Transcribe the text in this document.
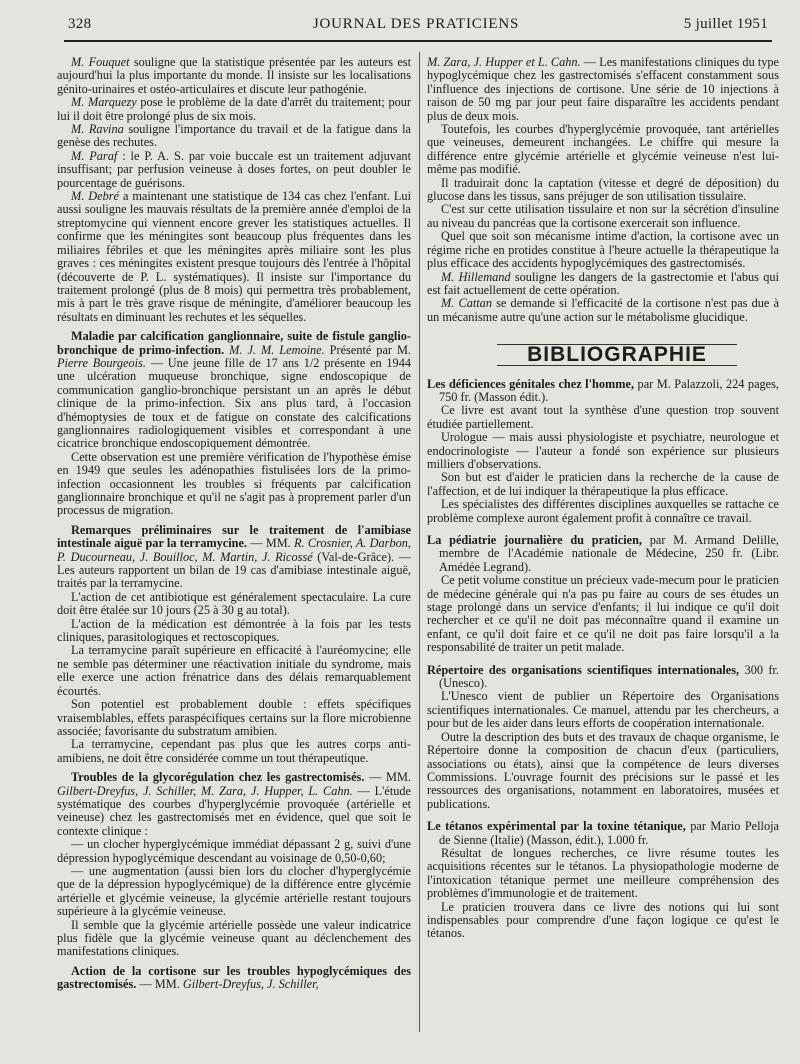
328	JOURNAL DES PRATICIENS	5 juillet 1951

M. Fouquet souligne que la statistique présentée par les auteurs est aujourd'hui la plus importante du monde. Il insiste sur les localisations génito-urinaires et ostéo-articulaires et discute leur pathogénie.

M. Marquezy pose le problème de la date d'arrêt du traitement; pour lui il doit être prolongé plus de six mois.

M. Ravina souligne l'importance du travail et de la fatigue dans la genèse des rechutes.

M. Paraf : le P. A. S. par voie buccale est un traitement adjuvant insuffisant; par perfusion veineuse à doses fortes, on peut doubler le pourcentage de guérisons.

M. Debré a maintenant une statistique de 134 cas chez l'enfant. Lui aussi souligne les mauvais résultats de la première année d'emploi de la streptomycine qui viennent encore grever les statistiques actuelles. Il confirme que les méningites sont beaucoup plus fréquentes dans les miliaires fébriles et que les méningites après miliaire sont les plus graves : ces méningites existent presque toujours dès l'entrée à l'hôpital (découverte de P. L. systématiques). Il insiste sur l'importance du traitement prolongé (plus de 8 mois) qui permettra très probablement, mis à part le très grave risque de méningite, d'améliorer beaucoup les résultats en diminuant les rechutes et les séquelles.

Maladie par calcification ganglionnaire, suite de fistule ganglio-bronchique de primo-infection. M. J. M. Lemoine. Présenté par M. Pierre Bourgeois. — Une jeune fille de 17 ans 1/2 présente en 1944 une ulcération muqueuse bronchique, signe endoscopique de communication ganglio-bronchique persistant un an après le début clinique de la primo-infection. Six ans plus tard, à l'occasion d'hémoptysies de toux et de fatigue on constate des calcifications ganglionnaires radiologiquement visibles et correspondant à une cicatrice bronchique endoscopiquement démontrée.

Cette observation est une première vérification de l'hypothèse émise en 1949 que seules les adénopathies fistulisées lors de la primo-infection occasionnent les troubles si fréquents par calcification ganglionnaire bronchique et qu'il ne s'agit pas à proprement parler d'un processus de migration.

Remarques préliminaires sur le traitement de l'amibiase intestinale aiguë par la terramycine. — MM. R. Crosnier, A. Darbon, P. Ducourneau, J. Bouilloc, M. Martin, J. Ricossé (Val-de-Grâce). — Les auteurs rapportent un bilan de 19 cas d'amibiase intestinale aiguë, traités par la terramycine.

L'action de cet antibiotique est généralement spectaculaire. La cure doit être étalée sur 10 jours (25 à 30 g au total).

L'action de la médication est démontrée à la fois par les tests cliniques, parasitologiques et rectoscopiques.

La terramycine paraît supérieure en efficacité à l'auréomycine; elle ne semble pas déterminer une réactivation initiale du syndrome, mais elle exerce une action frénatrice dans des délais remarquablement écourtés.

Son potentiel est probablement double : effets spécifiques vraisemblables, effets paraspécifiques certains sur la flore microbienne associée; favorisante du substratum amibien.

La terramycine, cependant pas plus que les autres corps anti-amibiens, ne doit être considérée comme un tout thérapeutique.

Troubles de la glycorégulation chez les gastrectomisés. — MM. Gilbert-Dreyfus, J. Schiller, M. Zara, J. Hupper, L. Cahn. — L'étude systématique des courbes d'hyperglycémie provoquée (artérielle et veineuse) chez les gastrectomisés met en évidence, quel que soit le contexte clinique :

— un clocher hyperglycémique immédiat dépassant 2 g, suivi d'une dépression hypoglycémique descendant au voisinage de 0,50-0,60;

— une augmentation (aussi bien lors du clocher d'hyperglycémie que de la dépression hypoglycémique) de la différence entre glycémie artérielle et glycémie veineuse, la glycémie artérielle restant toujours supérieure à la glycémie veineuse.

Il semble que la glycémie artérielle possède une valeur indicatrice plus fidèle que la glycémie veineuse quant au déclenchement des manifestations cliniques.

Action de la cortisone sur les troubles hypoglycémiques des gastrectomisés. — MM. Gilbert-Dreyfus, J. Schiller,

M. Zara, J. Hupper et L. Cahn. — Les manifestations cliniques du type hypoglycémique chez les gastrectomisés s'effacent constamment sous l'influence des injections de cortisone. Une série de 10 injections à raison de 50 mg par jour peut faire disparaître les accidents pendant plus de deux mois.

Toutefois, les courbes d'hyperglycémie provoquée, tant artérielles que veineuses, demeurent inchangées. Le chiffre qui mesure la différence entre glycémie artérielle et glycémie veineuse n'est lui-même pas modifié.

Il traduirait donc la captation (vitesse et degré de déposition) du glucose dans les tissus, sans préjuger de son utilisation tissulaire.

C'est sur cette utilisation tissulaire et non sur la sécrétion d'insuline au niveau du pancréas que la cortisone exercerait son influence.

Quel que soit son mécanisme intime d'action, la cortisone avec un régime riche en protides constitue à l'heure actuelle la thérapeutique la plus efficace des accidents hypoglycémiques des gastrectomisés.

M. Hillemand souligne les dangers de la gastrectomie et l'abus qui est fait actuellement de cette opération.

M. Cattan se demande si l'efficacité de la cortisone n'est pas due à un mécanisme autre qu'une action sur le métabolisme glucidique.

BIBLIOGRAPHIE

Les déficiences génitales chez l'homme, par M. Palazzoli, 224 pages, 750 fr. (Masson édit.).

Ce livre est avant tout la synthèse d'une question trop souvent étudiée partiellement.

Urologue — mais aussi physiologiste et psychiatre, neurologue et endocrinologiste — l'auteur a fondé son expérience sur plusieurs milliers d'observations.

Son but est d'aider le praticien dans la recherche de la cause de l'affection, et de lui indiquer la thérapeutique la plus efficace.

Les spécialistes des différentes disciplines auxquelles se rattache ce problème complexe auront également profit à connaître ce travail.

La pédiatrie journalière du praticien, par M. Armand Delille, membre de l'Académie nationale de Médecine, 250 fr. (Libr. Amédée Legrand).

Ce petit volume constitue un précieux vade-mecum pour le praticien de médecine générale qui n'a pas pu faire au cours de ses études un stage prolongé dans un service d'enfants; il lui indique ce qu'il doit rechercher et ce qu'il ne doit pas méconnaître quand il examine un enfant, ce qu'il doit faire et ce qu'il ne doit pas faire lorsqu'il a la responsabilité de traiter un petit malade.

Répertoire des organisations scientifiques internationales, 300 fr. (Unesco).

L'Unesco vient de publier un Répertoire des Organisations scientifiques internationales. Ce manuel, attendu par les chercheurs, a pour but de les aider dans leurs efforts de coopération internationale.

Outre la description des buts et des travaux de chaque organisme, le Répertoire donne la composition de chacun d'eux (particuliers, associations ou états), ainsi que la compétence de leurs diverses Commissions. L'ouvrage fournit des précisions sur le passé et les ressources des organisations, notamment en laboratoires, musées et publications.

Le tétanos expérimental par la toxine tétanique, par Mario Pelloja de Sienne (Italie) (Masson, édit.), 1.000 fr.

Résultat de longues recherches, ce livre résume toutes les acquisitions récentes sur le tétanos. La physiopathologie moderne de l'intoxication tétanique permet une meilleure compréhension des problèmes d'immunologie et de traitement.

Le praticien trouvera dans ce livre des notions qui lui sont indispensables pour comprendre d'une façon logique ce qu'est le tétanos.
